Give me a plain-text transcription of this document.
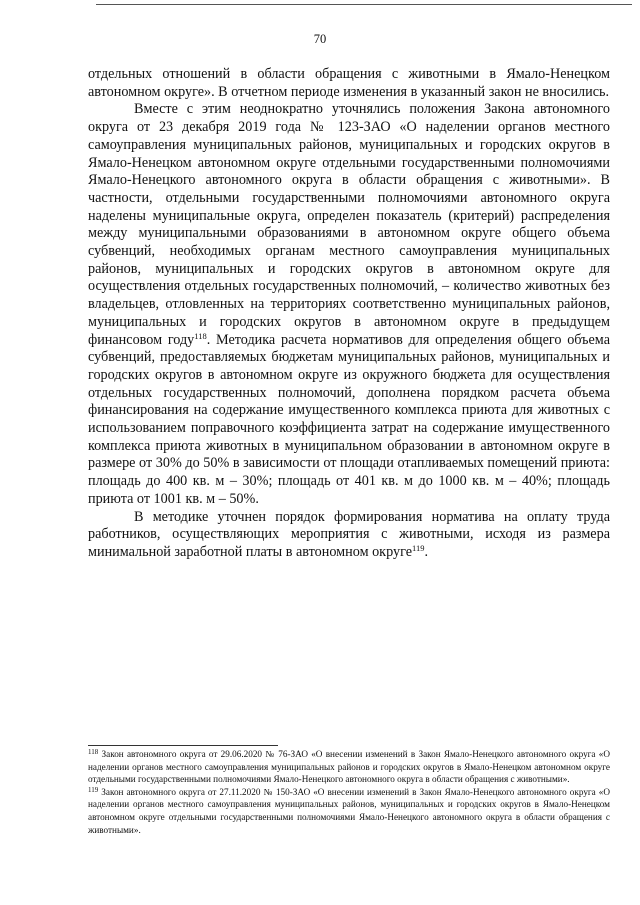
70

отдельных отношений в области обращения с животными в Ямало-Ненецком автономном округе». В отчетном периоде изменения в указанный закон не вносились.

Вместе с этим неоднократно уточнялись положения Закона автономного округа от 23 декабря 2019 года № 123-ЗАО «О наделении органов местного самоуправления муниципальных районов, муниципальных и городских округов в Ямало-Ненецком автономном округе отдельными государственными полномочиями Ямало-Ненецкого автономного округа в области обращения с животными». В частности, отдельными государственными полномочиями автономного округа наделены муниципальные округа, определен показатель (критерий) распределения между муниципальными образованиями в автономном округе общего объема субвенций, необходимых органам местного самоуправления муниципальных районов, муниципальных и городских округов в автономном округе для осуществления отдельных государственных полномочий, – количество животных без владельцев, отловленных на территориях соответственно муниципальных районов, муниципальных и городских округов в автономном округе в предыдущем финансовом году$^{118}$. Методика расчета нормативов для определения общего объема субвенций, предоставляемых бюджетам муниципальных районов, муниципальных и городских округов в автономном округе из окружного бюджета для осуществления отдельных государственных полномочий, дополнена порядком расчета объема финансирования на содержание имущественного комплекса приюта для животных с использованием поправочного коэффициента затрат на содержание имущественного комплекса приюта животных в муниципальном образовании в автономном округе в размере от 30% до 50% в зависимости от площади отапливаемых помещений приюта: площадь до 400 кв. м – 30%; площадь от 401 кв. м до 1000 кв. м – 40%; площадь приюта от 1001 кв. м – 50%.

В методике уточнен порядок формирования норматива на оплату труда работников, осуществляющих мероприятия с животными, исходя из размера минимальной заработной платы в автономном округе$^{119}$.

$^{118}$ Закон автономного округа от 29.06.2020 № 76-ЗАО «О внесении изменений в Закон Ямало-Ненецкого автономного округа «О наделении органов местного самоуправления муниципальных районов и городских округов в Ямало-Ненецком автономном округе отдельными государственными полномочиями Ямало-Ненецкого автономного округа в области обращения с животными».

$^{119}$ Закон автономного округа от 27.11.2020 № 150-ЗАО «О внесении изменений в Закон Ямало-Ненецкого автономного округа «О наделении органов местного самоуправления муниципальных районов, муниципальных и городских округов в Ямало-Ненецком автономном округе отдельными государственными полномочиями Ямало-Ненецкого автономного округа в области обращения с животными».
